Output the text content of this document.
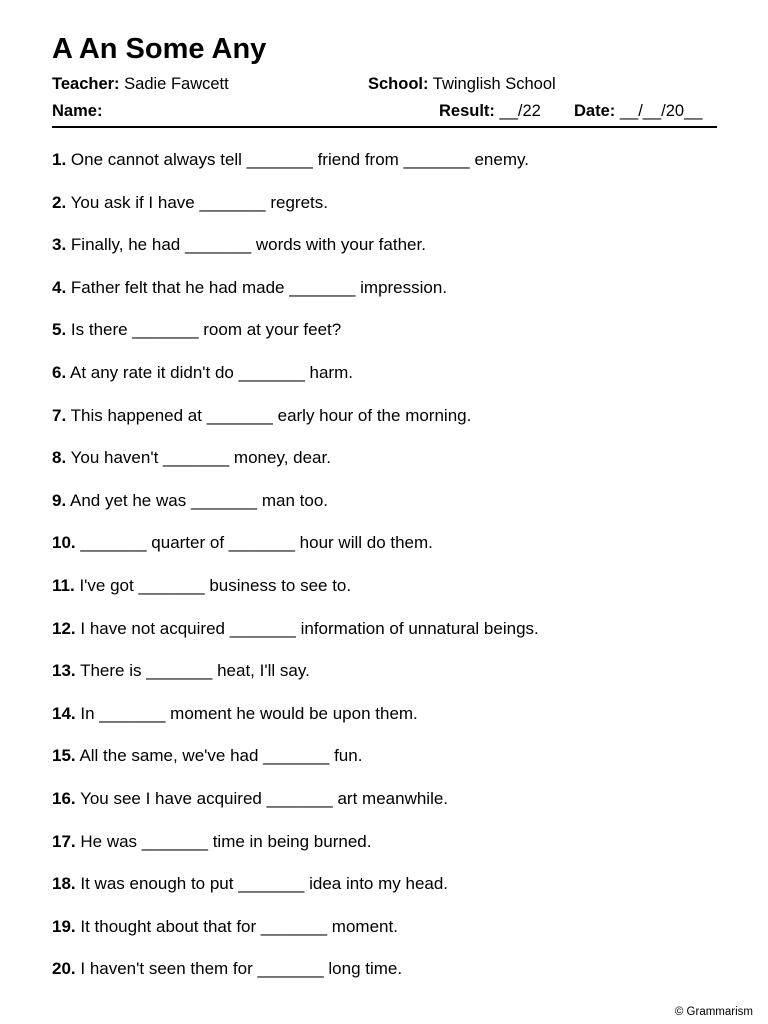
A An Some Any
Teacher: Sadie Fawcett	School: Twinglish School
Name:	Result: __/22 Date: __/__/20__
1. One cannot always tell _______ friend from _______ enemy.
2. You ask if I have _______ regrets.
3. Finally, he had _______ words with your father.
4. Father felt that he had made _______ impression.
5. Is there _______ room at your feet?
6. At any rate it didn't do _______ harm.
7. This happened at _______ early hour of the morning.
8. You haven't _______ money, dear.
9. And yet he was _______ man too.
10. _______ quarter of _______ hour will do them.
11. I've got _______ business to see to.
12. I have not acquired _______ information of unnatural beings.
13. There is _______ heat, I'll say.
14. In _______ moment he would be upon them.
15. All the same, we've had _______ fun.
16. You see I have acquired _______ art meanwhile.
17. He was _______ time in being burned.
18. It was enough to put _______ idea into my head.
19. It thought about that for _______ moment.
20. I haven't seen them for _______ long time.
© Grammarism
